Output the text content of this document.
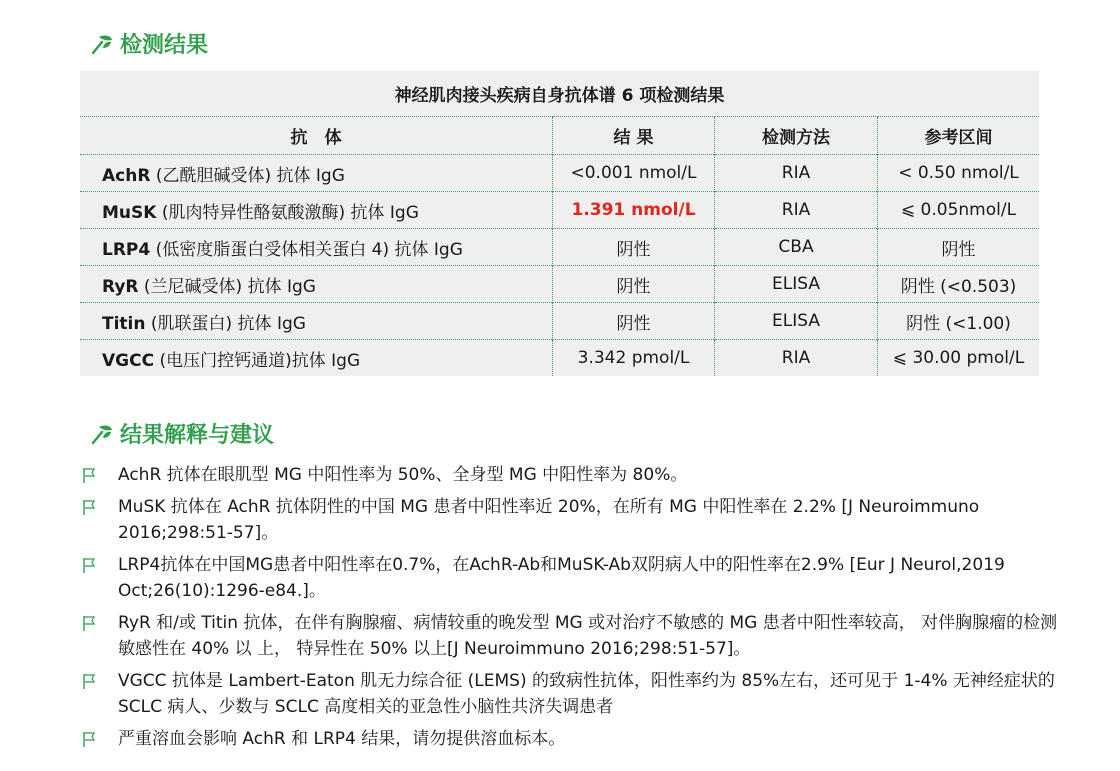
检测结果
神经肌肉接头疾病自身抗体谱 6 项检测结果			
抗　体	结 果	检测方法	参考区间
AchR (乙酰胆碱受体) 抗体 IgG	<0.001 nmol/L	RIA	< 0.50 nmol/L
MuSK (肌肉特异性酪氨酸激酶) 抗体 IgG	1.391 nmol/L	RIA	⩽ 0.05nmol/L
LRP4 (低密度脂蛋白受体相关蛋白 4) 抗体 IgG	阴性	CBA	阴性
RyR (兰尼碱受体) 抗体 IgG	阴性	ELISA	阴性 (<0.503)
Titin (肌联蛋白) 抗体 IgG	阴性	ELISA	阴性 (<1.00)
VGCC (电压门控钙通道)抗体 IgG	3.342 pmol/L	RIA	⩽ 30.00 pmol/L
结果解释与建议
AchR 抗体在眼肌型 MG 中阳性率为 50%、全身型 MG 中阳性率为 80%。
MuSK 抗体在 AchR 抗体阴性的中国 MG 患者中阳性率近 20%，在所有 MG 中阳性率在 2.2% [J Neuroimmuno 2016;298:51-57]。
LRP4抗体在中国MG患者中阳性率在0.7%，在AchR-Ab和MuSK-Ab双阴病人中的阳性率在2.9% [Eur J Neurol,2019 Oct;26(10):1296-e84.]。
RyR 和/或 Titin 抗体，在伴有胸腺瘤、病情较重的晚发型 MG 或对治疗不敏感的 MG 患者中阳性率较高， 对伴胸腺瘤的检测敏感性在 40% 以 上， 特异性在 50% 以上[J Neuroimmuno 2016;298:51-57]。
VGCC 抗体是 Lambert-Eaton 肌无力综合征 (LEMS) 的致病性抗体，阳性率约为 85%左右，还可见于 1-4% 无神经症状的 SCLC 病人、少数与 SCLC 高度相关的亚急性小脑性共济失调患者
严重溶血会影响 AchR 和 LRP4 结果，请勿提供溶血标本。
